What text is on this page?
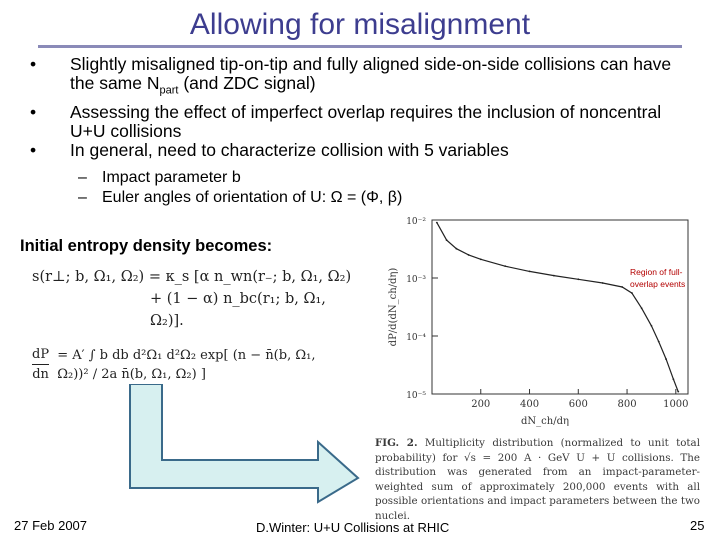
Allowing for misalignment
• Slightly misaligned tip-on-tip and fully aligned side-on-side collisions can have the same $N_{part}$ (and ZDC signal)
• Assessing the effect of imperfect overlap requires the inclusion of noncentral U+U collisions
• In general, need to characterize collision with 5 variables
– Impact parameter b
– Euler angles of orientation of U: Ω = (Φ, β)
Initial entropy density becomes:
s(r⊥; b, Ω₁, Ω₂) = κ_s [α n_wn(r₋; b, Ω₁, Ω₂)
+ (1 − α) n_bc(r₁; b, Ω₁, Ω₂)].
$\frac{dP}{dn} = A'$ ∫ b db d²Ω₁ d²Ω₂ exp[ (n − n̄(b, Ω₁, Ω₂))² / 2a n̄(b, Ω₁, Ω₂) ]
10⁻²
10⁻³
10⁻⁴
10⁻⁵
200	400	600	800	1000
dN_ch/dη
dP/d(dN_ch/dη)	Region of full-overlap events
FIG. 2. Multiplicity distribution (normalized to unit total probability) for √s = 200 A · GeV U + U collisions. The distribution was generated from an impact-parameter-weighted sum of approximately 200,000 events with all possible orientations and impact parameters between the two nuclei.
27 Feb 2007	D.Winter: U+U Collisions at RHIC	25
